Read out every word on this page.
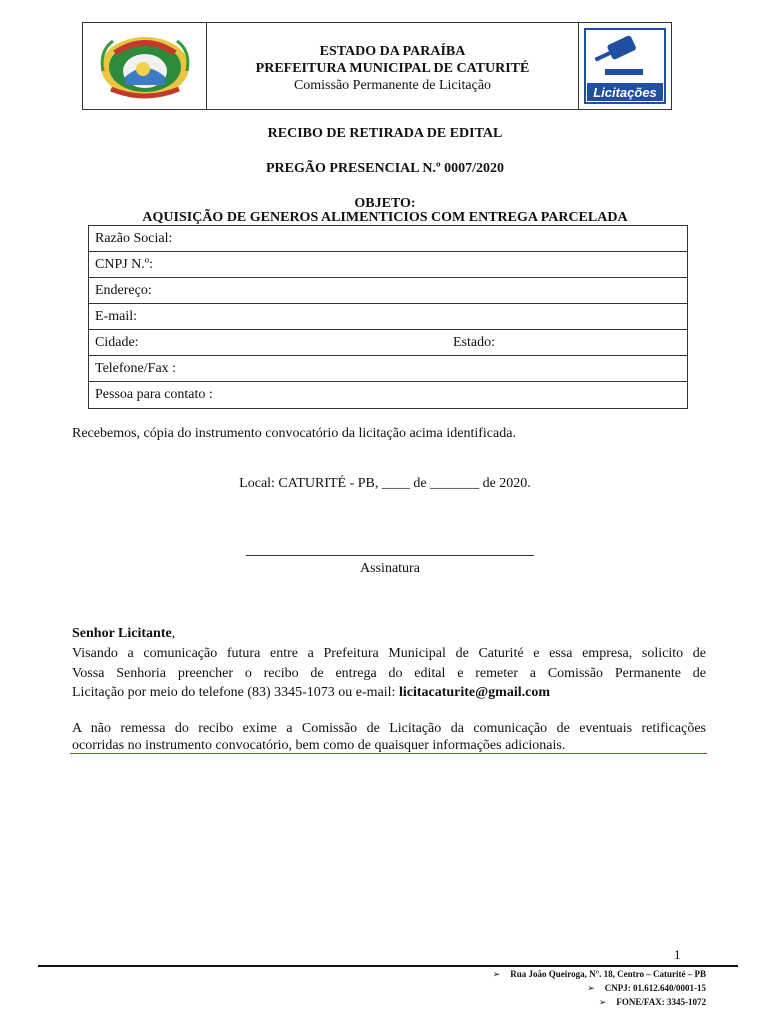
ESTADO DA PARAÍBA
PREFEITURA MUNICIPAL DE CATURITÉ
Comissão Permanente de Licitação	Licitações
RECIBO DE RETIRADA DE EDITAL
PREGÃO PRESENCIAL N.º 0007/2020
OBJETO:
AQUISIÇÃO DE GENEROS ALIMENTICIOS COM ENTREGA PARCELADA
Razão Social:
CNPJ N.º:
Endereço:
E-mail:
Cidade:	Estado:
Telefone/Fax :
Pessoa para contato :
Recebemos, cópia do instrumento convocatório da licitação acima identificada.
Local: CATURITÉ - PB, ____ de _______ de 2020.
Assinatura
Senhor Licitante,
Visando a comunicação futura entre a Prefeitura Municipal de Caturité e essa empresa, solicito de
Vossa Senhoria preencher o recibo de entrega do edital e remeter a Comissão Permanente de
Licitação por meio do telefone (83) 3345-1073 ou e-mail: licitacaturite@gmail.com
A não remessa do recibo exime a Comissão de Licitação da comunicação de eventuais retificações
ocorridas no instrumento convocatório, bem como de quaisquer informações adicionais.
1
➢ Rua João Queiroga, N°. 18, Centro – Caturité – PB
➢ CNPJ: 01.612.640/0001-15
➢ FONE/FAX: 3345-1072
